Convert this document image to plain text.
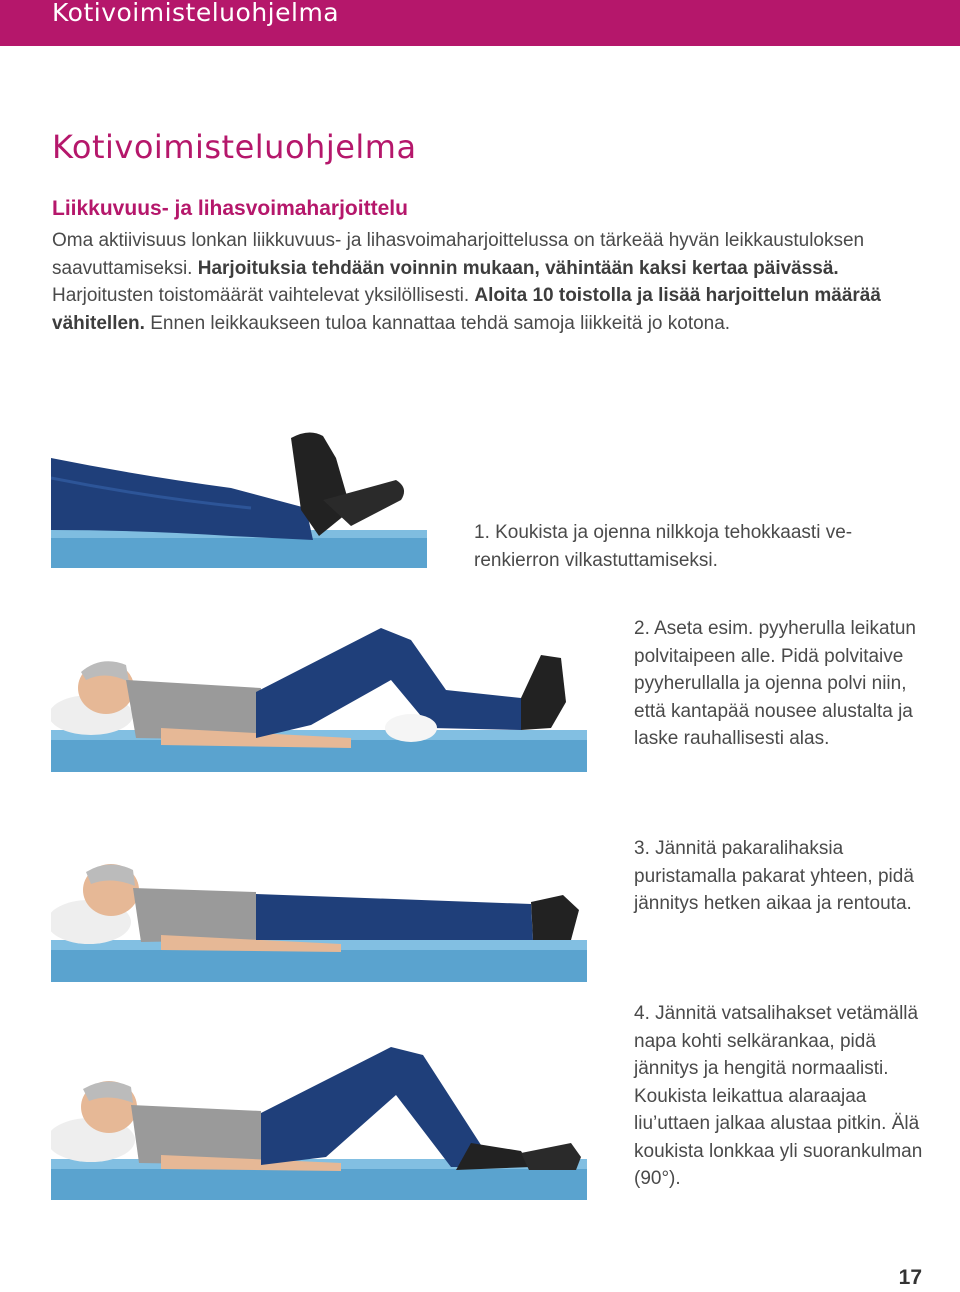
Kotivoimisteluohjelma
Kotivoimisteluohjelma
Liikkuvuus- ja lihasvoimaharjoittelu
Oma aktiivisuus lonkan liikkuvuus- ja lihasvoimaharjoittelussa on tärkeää hyvän leikkaustuloksen saavuttamiseksi. Harjoituksia tehdään voinnin mukaan, vähintään kaksi kertaa päivässä.
Harjoitusten toistomäärät vaihtelevat yksilöllisesti. Aloita 10 toistolla ja lisää harjoittelun määrää vähitellen. Ennen leikkaukseen tuloa kannattaa tehdä samoja liikkeitä jo kotona.
1. Koukista ja ojenna nilkkoja tehokkaasti verenkierron vilkastuttamiseksi.
2. Aseta esim. pyyherulla leikatun polvitaipeen alle. Pidä polvitaive pyyherullalla ja ojenna polvi niin, että kantapää nousee alustalta ja laske rauhallisesti alas.
3. Jännitä pakaralihaksia puristamalla pakarat yhteen, pidä jännitys hetken aikaa ja rentouta.
4. Jännitä vatsalihakset vetämällä napa kohti selkärankaa, pidä jännitys ja hengitä normaalisti. Koukista leikattua alaraajaa liu’uttaen jalkaa alustaa pitkin. Älä koukista lonkkaa yli suorankulman (90°).
17
